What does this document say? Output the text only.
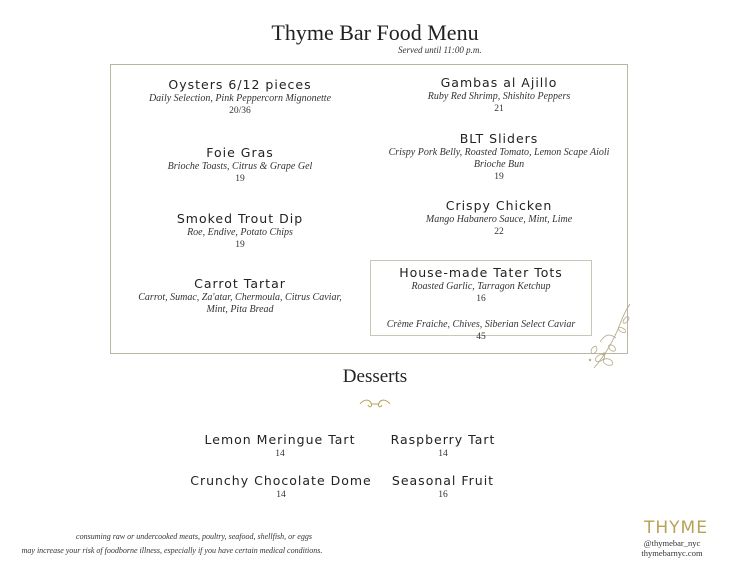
Thyme Bar Food Menu
Served until 11:00 p.m.
Oysters 6/12 pieces
Daily Selection, Pink Peppercorn Mignonette
20/36
Foie Gras
Brioche Toasts, Citrus & Grape Gel
19
Smoked Trout Dip
Roe, Endive, Potato Chips
19
Carrot Tartar
Carrot, Sumac, Za'atar, Chermoula, Citrus Caviar,
Mint, Pita Bread
Gambas al Ajillo
Ruby Red Shrimp, Shishito Peppers
21
BLT Sliders
Crispy Pork Belly, Roasted Tomato, Lemon Scape Aioli
Brioche Bun
19
Crispy Chicken
Mango Habanero Sauce, Mint, Lime
22
House-made Tater Tots
Roasted Garlic, Tarragon Ketchup
16
Crème Fraiche, Chives, Siberian Select Caviar
45
Desserts
Lemon Meringue Tart
14
Raspberry Tart
14
Crunchy Chocolate Dome
14
Seasonal Fruit
16
consuming raw or undercooked meats, poultry, seafood, shellfish, or eggs
may increase your risk of foodborne illness, especially if you have certain medical conditions.
THYME
@thymebar_nyc
thymebarnyc.com
